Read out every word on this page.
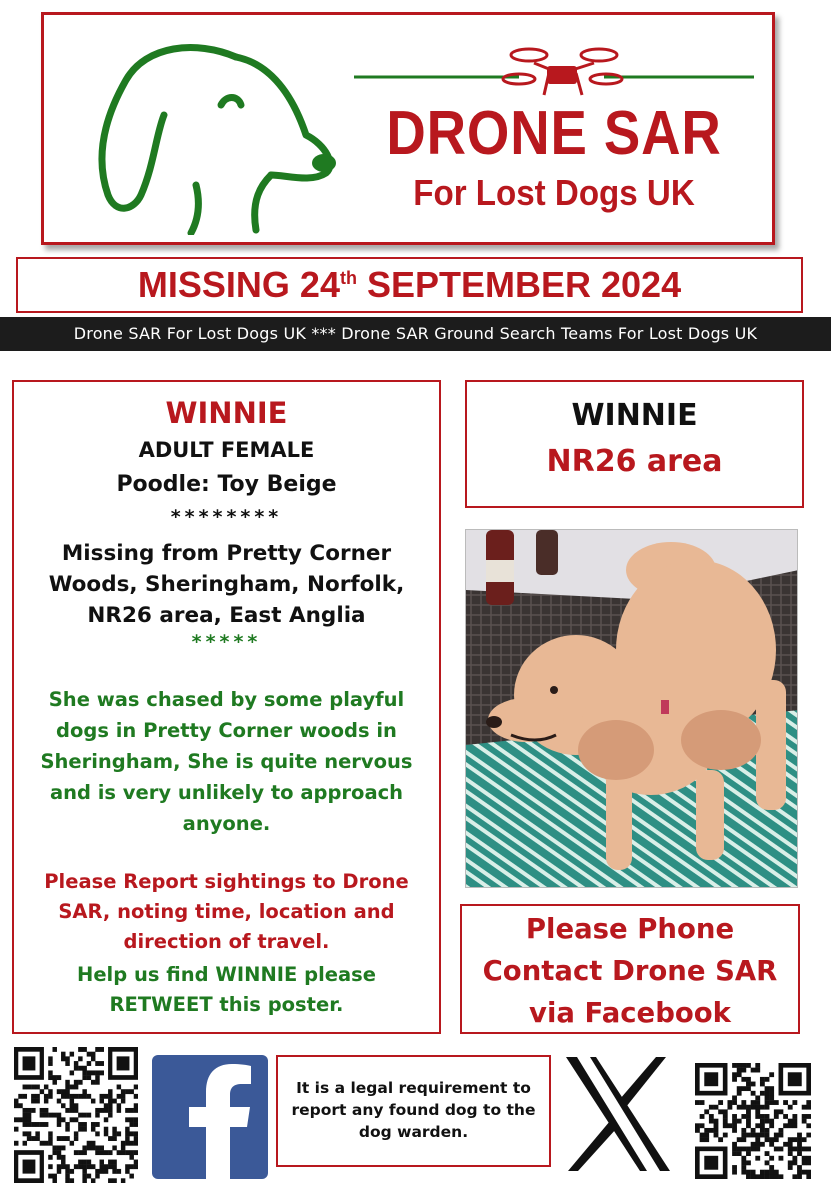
DRONE SAR
For Lost Dogs UK
MISSING 24th SEPTEMBER 2024
Drone SAR For Lost Dogs UK *** Drone SAR Ground Search Teams For Lost Dogs UK
WINNIE
ADULT FEMALE
Poodle: Toy Beige
********
Missing from Pretty Corner Woods, Sheringham, Norfolk, NR26 area, East Anglia
*****
She was chased by some playful dogs in Pretty Corner woods in Sheringham, She is quite nervous and is very unlikely to approach anyone.
Please Report sightings to Drone SAR, noting time, location and direction of travel.
Help us find WINNIE please RETWEET this poster.
WINNIE
NR26 area
Please Phone Contact Drone SAR via Facebook
It is a legal requirement to report any found dog to the dog warden.
